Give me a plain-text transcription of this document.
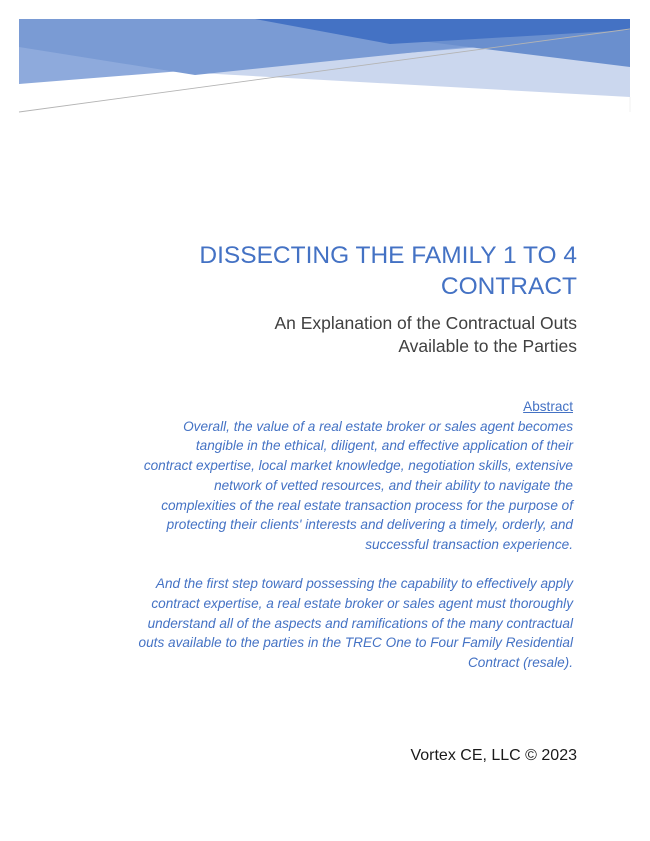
DISSECTING THE FAMILY 1 TO 4
CONTRACT
An Explanation of the Contractual Outs
Available to the Parties
Abstract
Overall, the value of a real estate broker or sales agent becomes
tangible in the ethical, diligent, and effective application of their
contract expertise, local market knowledge, negotiation skills, extensive
network of vetted resources, and their ability to navigate the
complexities of the real estate transaction process for the purpose of
protecting their clients' interests and delivering a timely, orderly, and
successful transaction experience.
And the first step toward possessing the capability to effectively apply
contract expertise, a real estate broker or sales agent must thoroughly
understand all of the aspects and ramifications of the many contractual
outs available to the parties in the TREC One to Four Family Residential
Contract (resale).
Vortex CE, LLC © 2023
